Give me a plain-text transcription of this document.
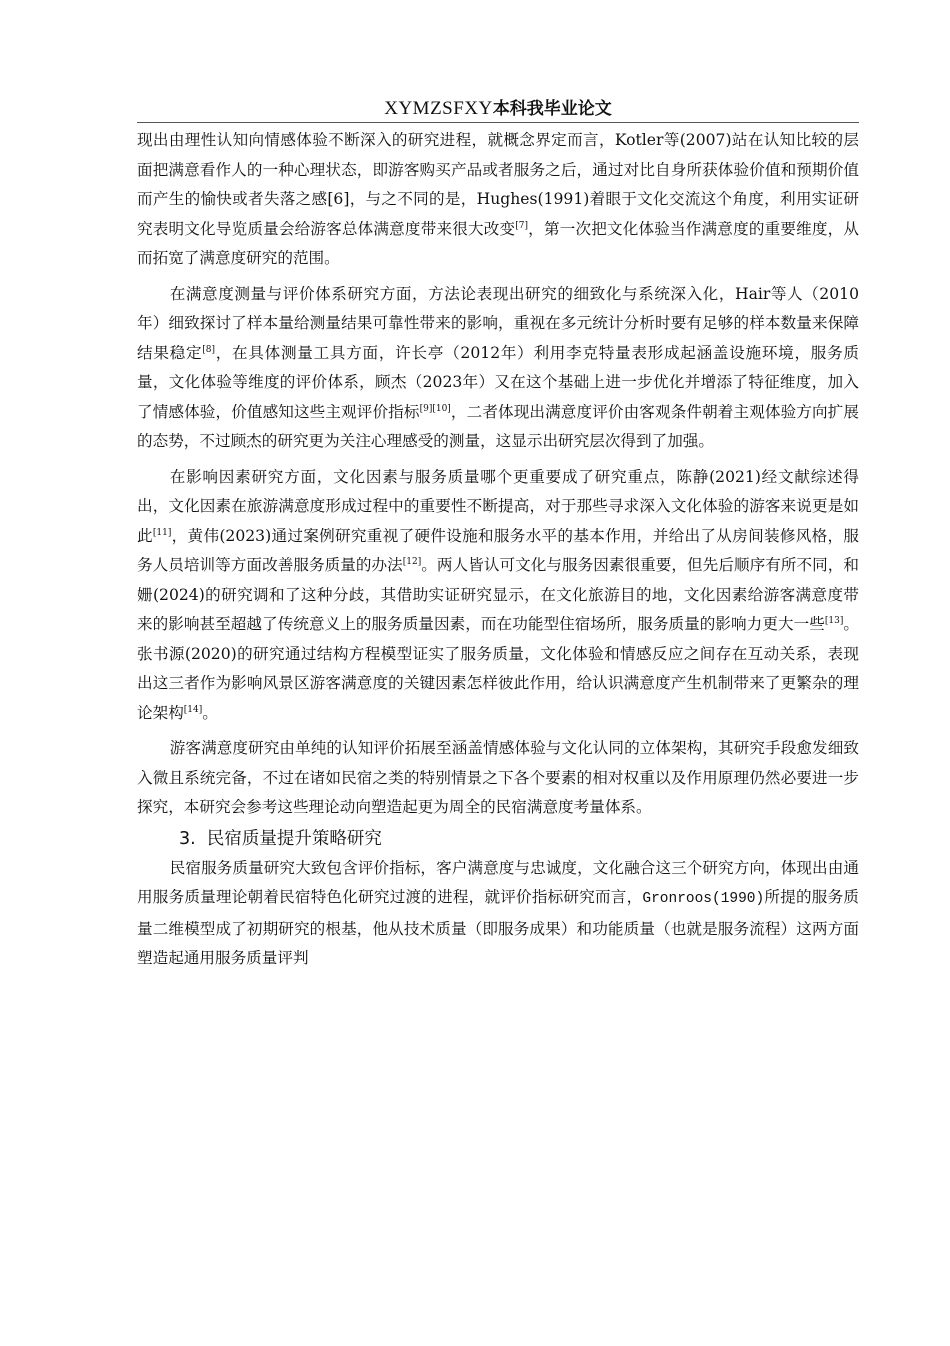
XYMZSFXY本科我毕业论文

现出由理性认知向情感体验不断深入的研究进程，就概念界定而言，Kotler等(2007)站在认知比较的层面把满意看作人的一种心理状态，即游客购买产品或者服务之后，通过对比自身所获体验价值和预期价值而产生的愉快或者失落之感[6]，与之不同的是，Hughes(1991)着眼于文化交流这个角度，利用实证研究表明文化导览质量会给游客总体满意度带来很大改变[7]，第一次把文化体验当作满意度的重要维度，从而拓宽了满意度研究的范围。

在满意度测量与评价体系研究方面，方法论表现出研究的细致化与系统深入化，Hair等人（2010年）细致探讨了样本量给测量结果可靠性带来的影响，重视在多元统计分析时要有足够的样本数量来保障结果稳定[8]，在具体测量工具方面，许长亭（2012年）利用李克特量表形成起涵盖设施环境，服务质量，文化体验等维度的评价体系，顾杰（2023年）又在这个基础上进一步优化并增添了特征维度，加入了情感体验，价值感知这些主观评价指标[9][10]，二者体现出满意度评价由客观条件朝着主观体验方向扩展的态势，不过顾杰的研究更为关注心理感受的测量，这显示出研究层次得到了加强。

在影响因素研究方面，文化因素与服务质量哪个更重要成了研究重点，陈静(2021)经文献综述得出，文化因素在旅游满意度形成过程中的重要性不断提高，对于那些寻求深入文化体验的游客来说更是如此[11]，黄伟(2023)通过案例研究重视了硬件设施和服务水平的基本作用，并给出了从房间装修风格，服务人员培训等方面改善服务质量的办法[12]。两人皆认可文化与服务因素很重要，但先后顺序有所不同，和姗(2024)的研究调和了这种分歧，其借助实证研究显示，在文化旅游目的地，文化因素给游客满意度带来的影响甚至超越了传统意义上的服务质量因素，而在功能型住宿场所，服务质量的影响力更大一些[13]。 张书源(2020)的研究通过结构方程模型证实了服务质量，文化体验和情感反应之间存在互动关系，表现出这三者作为影响风景区游客满意度的关键因素怎样彼此作用，给认识满意度产生机制带来了更繁杂的理论架构[14]。

游客满意度研究由单纯的认知评价拓展至涵盖情感体验与文化认同的立体架构，其研究手段愈发细致入微且系统完备，不过在诸如民宿之类的特别情景之下各个要素的相对权重以及作用原理仍然必要进一步探究，本研究会参考这些理论动向塑造起更为周全的民宿满意度考量体系。

3. 民宿质量提升策略研究

民宿服务质量研究大致包含评价指标，客户满意度与忠诚度，文化融合这三个研究方向，体现出由通用服务质量理论朝着民宿特色化研究过渡的进程，就评价指标研究而言，Gronroos(1990)所提的服务质量二维模型成了初期研究的根基，他从技术质量（即服务成果）和功能质量（也就是服务流程）这两方面塑造起通用服务质量评判
